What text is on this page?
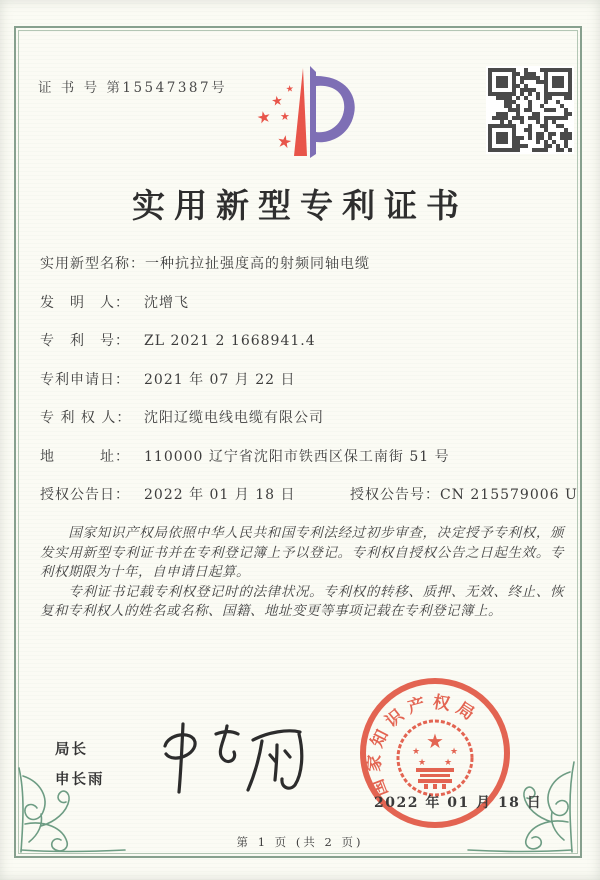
证 书 号 第15547387号
★
★
★
★
★
实用新型专利证书
实用新型名称：一种抗拉扯强度高的射频同轴电缆
发　明　人： 沈增飞
专　利　号： ZL 2021 2 1668941.4
专利申请日： 2021 年 07 月 22 日
专 利 权 人： 沈阳辽缆电线电缆有限公司
地　　　址： 110000 辽宁省沈阳市铁西区保工南街 51 号
授权公告日： 2022 年 01 月 18 日	授权公告号：CN 215579006 U

国家知识产权局依照中华人民共和国专利法经过初步审查，决定授予专利权，颁发实用新型专利证书并在专利登记簿上予以登记。专利权自授权公告之日起生效。专利权期限为十年，自申请日起算。

专利证书记载专利权登记时的法律状况。专利权的转移、质押、无效、终止、恢复和专利权人的姓名或名称、国籍、地址变更等事项记载在专利登记簿上。

局长
申长雨	国家知识产权局
★
★	★
★ ★
2022 年 01 月 18 日
第 1 页 (共 2 页)
